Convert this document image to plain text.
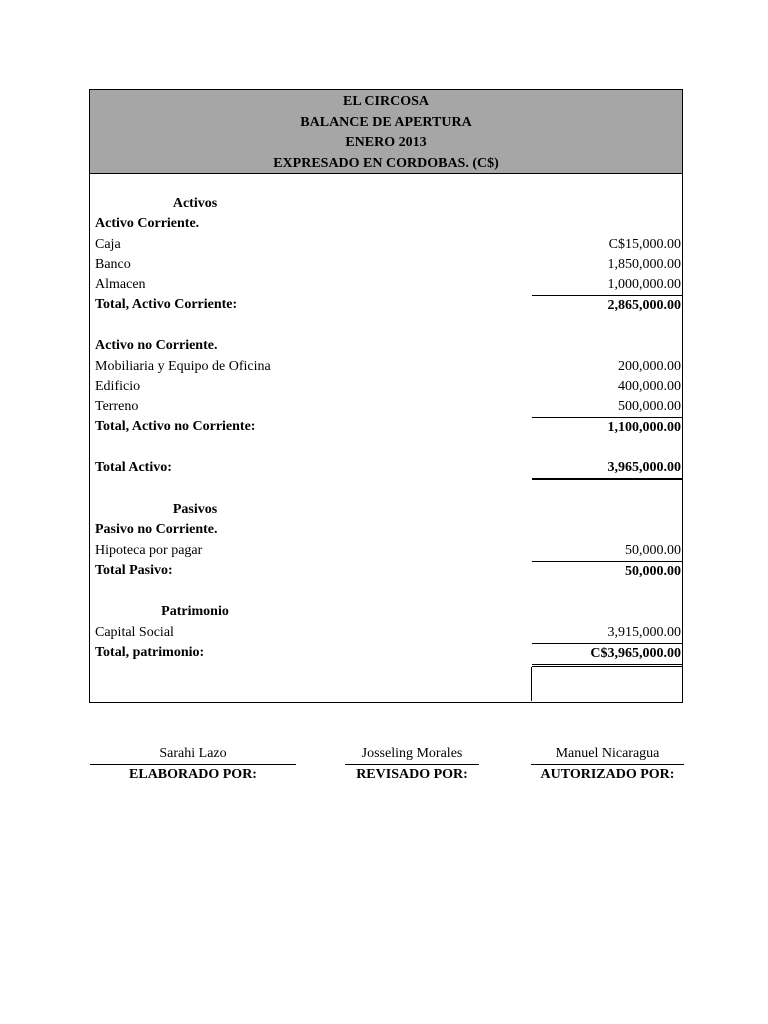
EL CIRCOSA
BALANCE DE APERTURA
ENERO 2013
EXPRESADO EN CORDOBAS. (C$)
Activos
Activo Corriente.
Caja	C$15,000.00
Banco	1,850,000.00
Almacen	1,000,000.00
Total, Activo Corriente:	2,865,000.00
Activo no Corriente.
Mobiliaria y Equipo de Oficina	200,000.00
Edificio	400,000.00
Terreno	500,000.00
Total, Activo no Corriente:	1,100,000.00
Total Activo:	3,965,000.00
Pasivos
Pasivo no Corriente.
Hipoteca por pagar	50,000.00
Total Pasivo:	50,000.00
Patrimonio
Capital Social	3,915,000.00
Total, patrimonio:	C$3,965,000.00
Sarahi Lazo
ELABORADO POR:
Josseling Morales
REVISADO POR:
Manuel Nicaragua
AUTORIZADO POR:
